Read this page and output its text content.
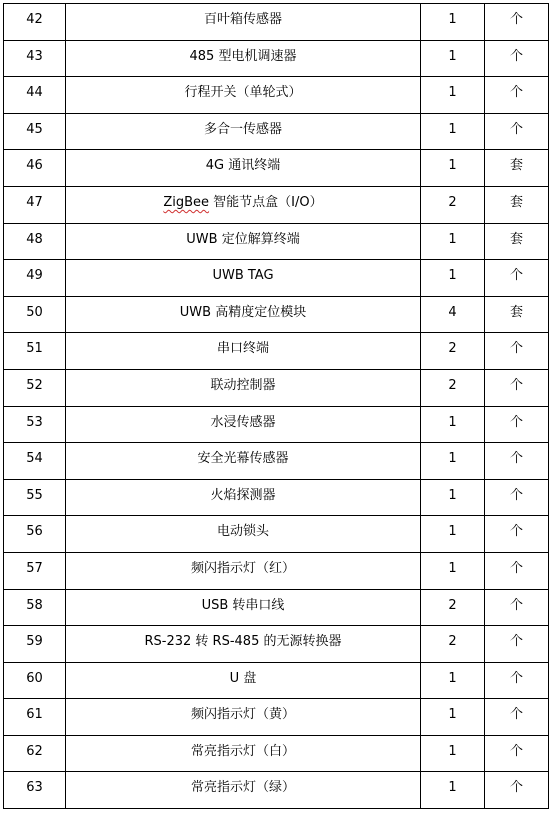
42	百叶箱传感器	1	个
43	485 型电机调速器	1	个
44	行程开关（单轮式）	1	个
45	多合一传感器	1	个
46	4G 通讯终端	1	套
47	ZigBee 智能节点盒（I/O）	2	套
48	UWB 定位解算终端	1	套
49	UWB TAG	1	个
50	UWB 高精度定位模块	4	套
51	串口终端	2	个
52	联动控制器	2	个
53	水浸传感器	1	个
54	安全光幕传感器	1	个
55	火焰探测器	1	个
56	电动锁头	1	个
57	频闪指示灯（红）	1	个
58	USB 转串口线	2	个
59	RS-232 转 RS-485 的无源转换器	2	个
60	U 盘	1	个
61	频闪指示灯（黄）	1	个
62	常亮指示灯（白）	1	个
63	常亮指示灯（绿）	1	个
